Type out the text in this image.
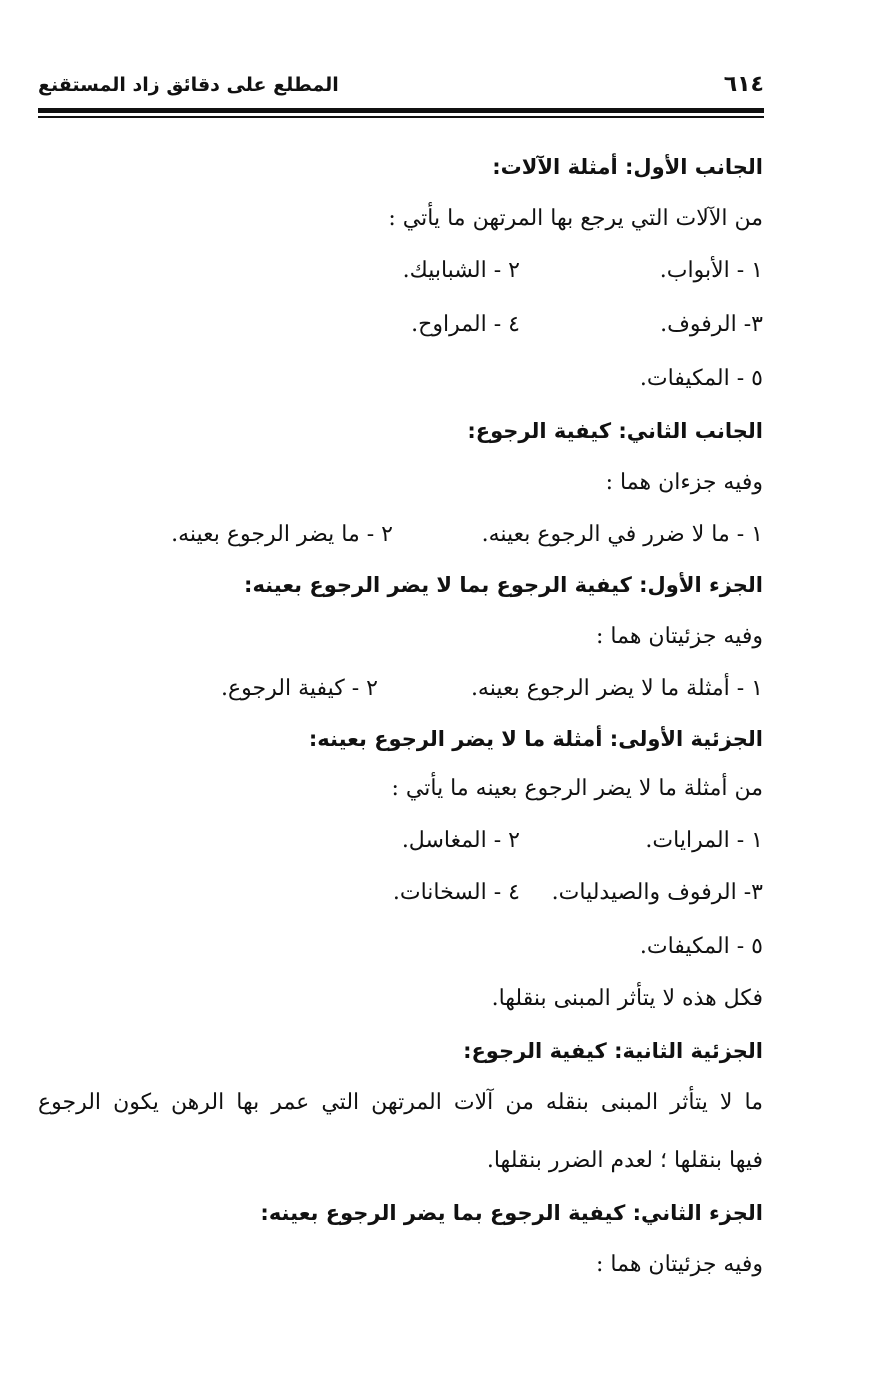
٦١٤
المطلع على دقائق زاد المستقنع
الجانب الأول: أمثلة الآلات:
من الآلات التي يرجع بها المرتهن ما يأتي :
١ - الأبواب.
٢ - الشبابيك.
٣- الرفوف.
٤ - المراوح.
٥ - المكيفات.
الجانب الثاني: كيفية الرجوع:
وفيه جزءان هما :
١ - ما لا ضرر في الرجوع بعينه.
٢ - ما يضر الرجوع بعينه.
الجزء الأول: كيفية الرجوع بما لا يضر الرجوع بعينه:
وفيه جزئيتان هما :
١ - أمثلة ما لا يضر الرجوع بعينه.
٢ - كيفية الرجوع.
الجزئية الأولى: أمثلة ما لا يضر الرجوع بعينه:
من أمثلة ما لا يضر الرجوع بعينه ما يأتي :
١ - المرايات.
٢ - المغاسل.
٣- الرفوف والصيدليات.
٤ - السخانات.
٥ - المكيفات.
فكل هذه لا يتأثر المبنى بنقلها.
الجزئية الثانية: كيفية الرجوع:
ما لا يتأثر المبنى بنقله من آلات المرتهن التي عمر بها الرهن يكون الرجوع
فيها بنقلها ؛ لعدم الضرر بنقلها.
الجزء الثاني: كيفية الرجوع بما يضر الرجوع بعينه:
وفيه جزئيتان هما :
